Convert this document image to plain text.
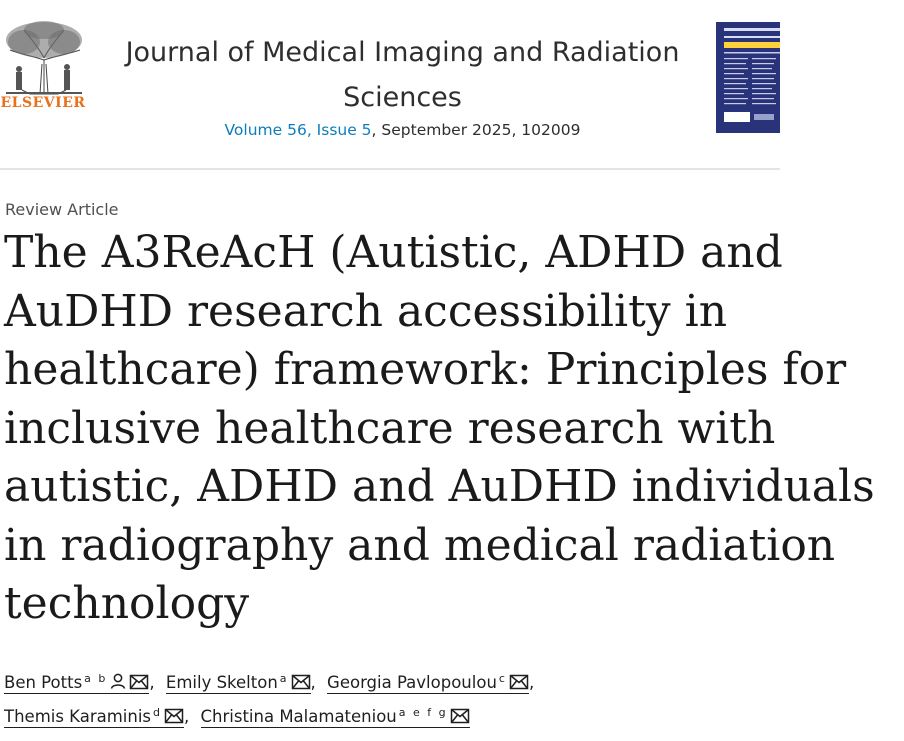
ELSEVIER
Journal of Medical Imaging and Radiation Sciences
Volume 56, Issue 5, September 2025, 102009
Review Article
The A3ReAcH (Autistic, ADHD and
AuDHD research accessibility in
healthcare) framework: Principles for
inclusive healthcare research with
autistic, ADHD and AuDHD individuals
in radiography and medical radiation
technology
Ben Potts $^{a b}$	, Emily Skelton $^a$ , Georgia Pavlopoulou $^c$ ,
Themis Karaminis $^d$ , Christina Malamateniou $^{a e f g}$
